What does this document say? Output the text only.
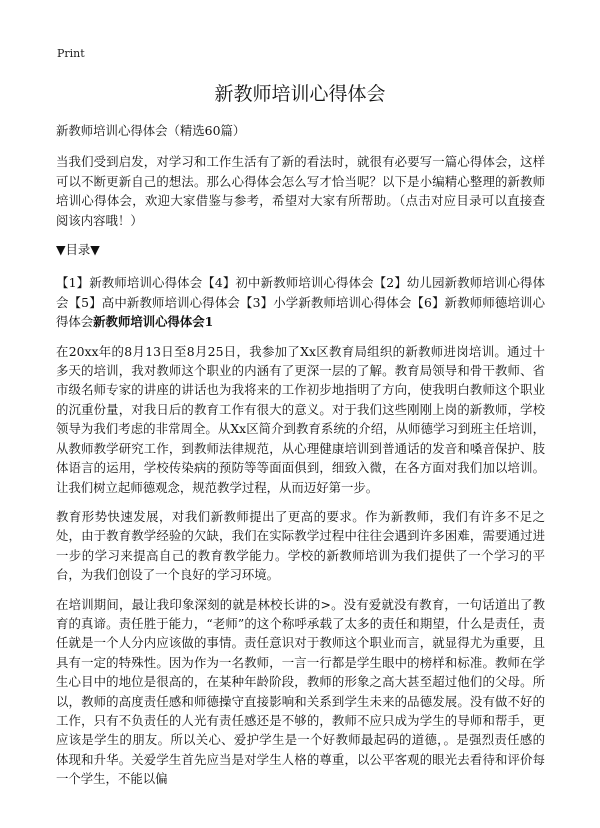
Print
新教师培训心得体会

新教师培训心得体会（精选60篇）

当我们受到启发，对学习和工作生活有了新的看法时，就很有必要写一篇心得体会，这样可以不断更新自己的想法。那么心得体会怎么写才恰当呢？以下是小编精心整理的新教师培训心得体会，欢迎大家借鉴与参考，希望对大家有所帮助。（点击对应目录可以直接查阅该内容哦！）

▼目录▼

【1】新教师培训心得体会【4】初中新教师培训心得体会【2】幼儿园新教师培训心得体会【5】高中新教师培训心得体会【3】小学新教师培训心得体会【6】新教师师德培训心得体会新教师培训心得体会1

在20xx年的8月13日至8月25日，我参加了Xx区教育局组织的新教师进岗培训。通过十多天的培训，我对教师这个职业的内涵有了更深一层的了解。教育局领导和骨干教师、省市级名师专家的讲座的讲话也为我将来的工作初步地指明了方向，使我明白教师这个职业的沉重份量，对我日后的教育工作有很大的意义。对于我们这些刚刚上岗的新教师，学校领导为我们考虑的非常周全。从Xx区简介到教育系统的介绍，从师德学习到班主任培训，从教师教学研究工作，到教师法律规范，从心理健康培训到普通话的发音和嗓音保护、肢体语言的运用，学校传染病的预防等等面面俱到，细致入微，在各方面对我们加以培训。让我们树立起师德观念，规范教学过程，从而迈好第一步。

教育形势快速发展，对我们新教师提出了更高的要求。作为新教师，我们有许多不足之处，由于教育教学经验的欠缺，我们在实际教学过程中往往会遇到许多困难，需要通过进一步的学习来提高自己的教育教学能力。学校的新教师培训为我们提供了一个学习的平台，为我们创设了一个良好的学习环境。

在培训期间，最让我印象深刻的就是林校长讲的>。没有爱就没有教育，一句话道出了教育的真谛。责任胜于能力，“老师”的这个称呼承载了太多的责任和期望，什么是责任，责任就是一个人分内应该做的事情。责任意识对于教师这个职业而言，就显得尤为重要，且具有一定的特殊性。因为作为一名教师，一言一行都是学生眼中的榜样和标准。教师在学生心目中的地位是很高的，在某种年龄阶段，教师的形象之高大甚至超过他们的父母。所以，教师的高度责任感和师德操守直接影响和关系到学生未来的品德发展。没有做不好的工作，只有不负责任的人光有责任感还是不够的，教师不应只成为学生的导师和帮手，更应该是学生的朋友。所以关心、爱护学生是一个好教师最起码的道德，。是强烈责任感的体现和升华。关爱学生首先应当是对学生人格的尊重，以公平客观的眼光去看待和评价每一个学生，不能以偏
